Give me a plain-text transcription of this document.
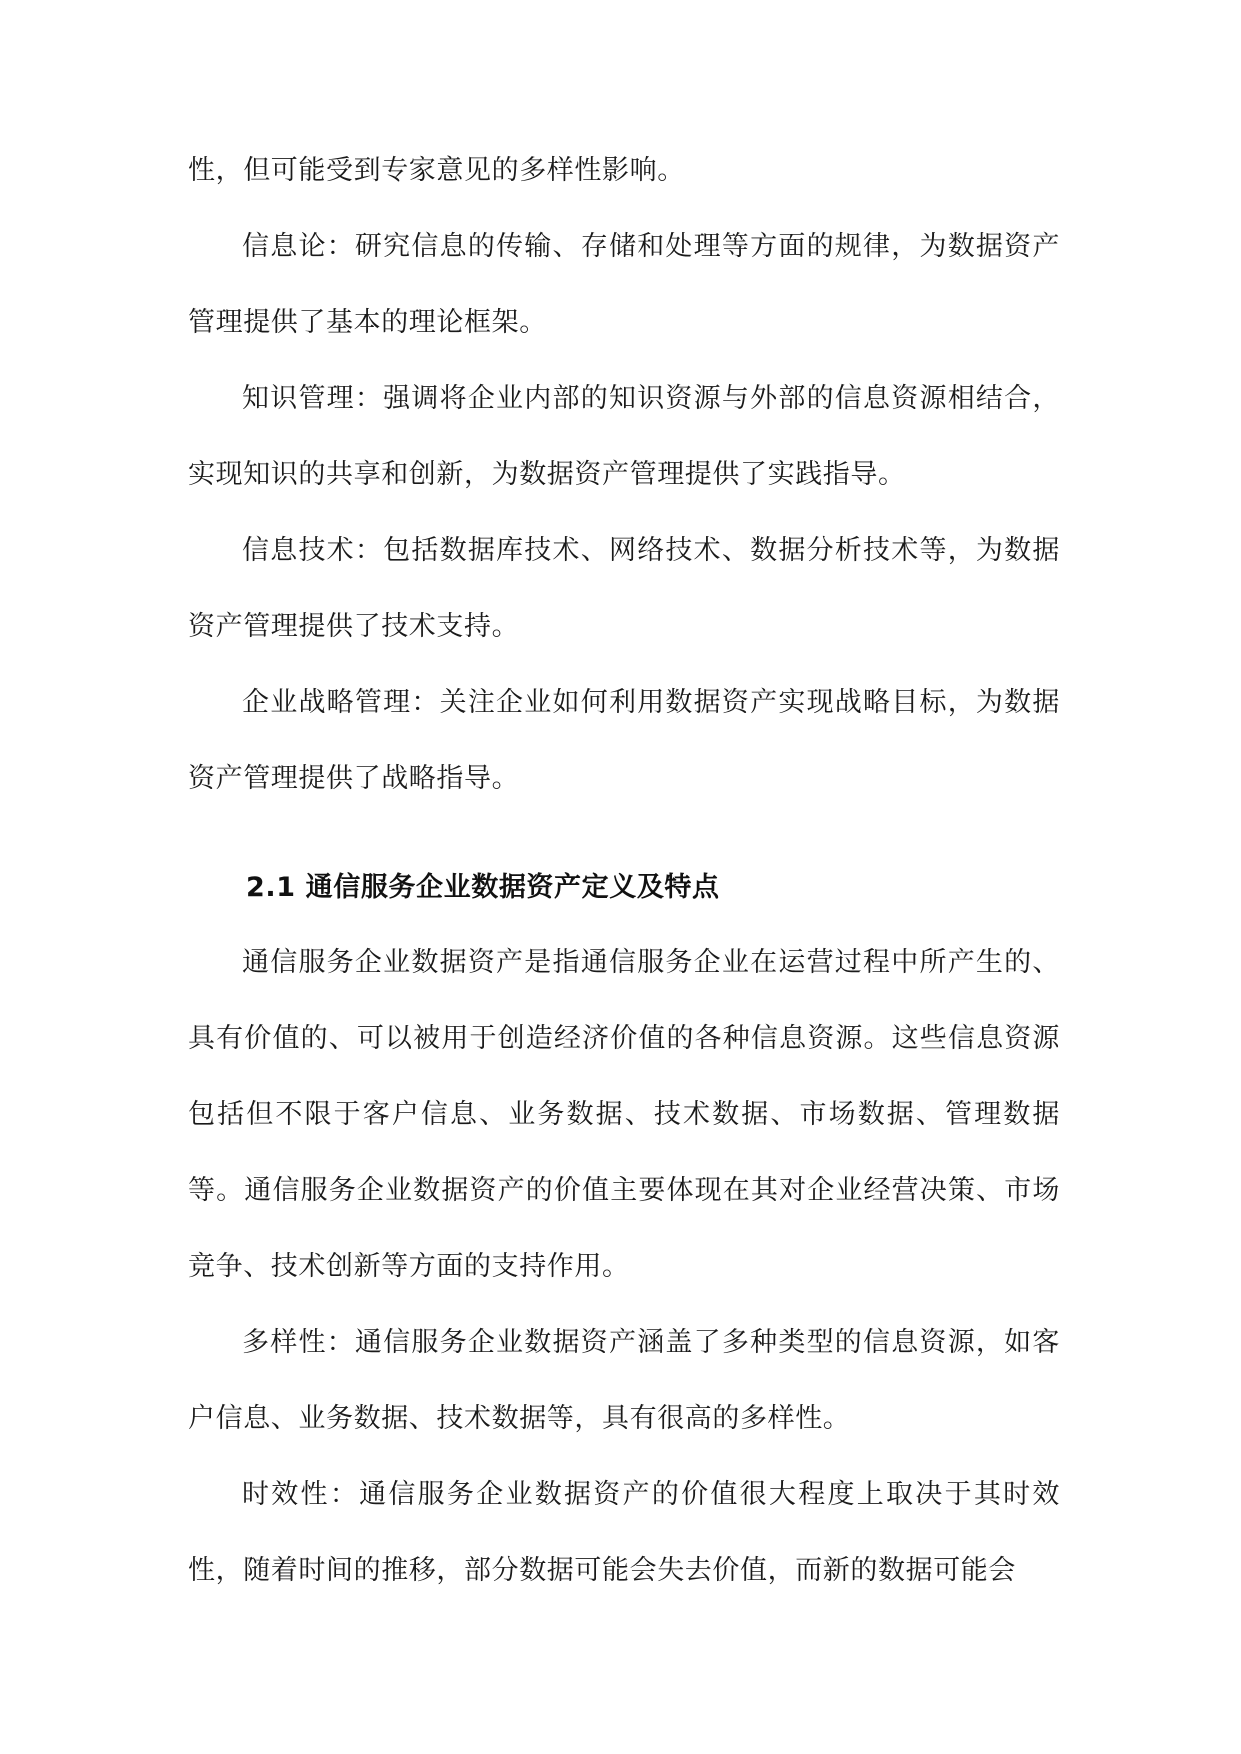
性，但可能受到专家意见的多样性影响。

信息论：研究信息的传输、存储和处理等方面的规律，为数据资产管理提供了基本的理论框架。

知识管理：强调将企业内部的知识资源与外部的信息资源相结合，实现知识的共享和创新，为数据资产管理提供了实践指导。

信息技术：包括数据库技术、网络技术、数据分析技术等，为数据资产管理提供了技术支持。

企业战略管理：关注企业如何利用数据资产实现战略目标，为数据资产管理提供了战略指导。

2.1 通信服务企业数据资产定义及特点

通信服务企业数据资产是指通信服务企业在运营过程中所产生的、具有价值的、可以被用于创造经济价值的各种信息资源。这些信息资源包括但不限于客户信息、业务数据、技术数据、市场数据、管理数据等。通信服务企业数据资产的价值主要体现在其对企业经营决策、市场竞争、技术创新等方面的支持作用。

多样性：通信服务企业数据资产涵盖了多种类型的信息资源，如客户信息、业务数据、技术数据等，具有很高的多样性。

时效性：通信服务企业数据资产的价值很大程度上取决于其时效性，随着时间的推移，部分数据可能会失去价值，而新的数据可能会
